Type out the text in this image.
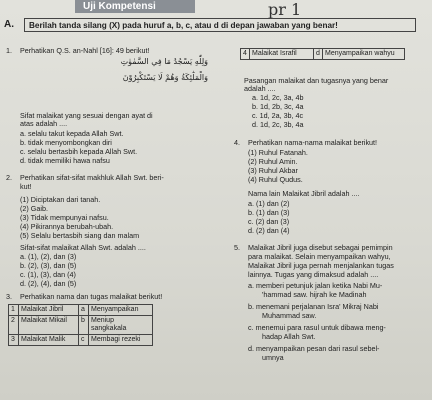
Uji Kompetensi	pr 1
A.	Berilah tanda silang (X) pada huruf a, b, c, atau d di depan jawaban yang benar!
1. Perhatikan Q.S. an-Nahl [16]: 49 berikut!
وَلِلّٰهِ يَسْجُدُ مَا فِي السَّمٰوٰتِ
وَالْمَلٰٓئِكَةُ وَهُمْ لَا يَسْتَكْبِرُوْنَ
Sifat malaikat yang sesuai dengan ayat di
atas adalah ....
a. selalu takut kepada Allah Swt.
b. tidak menyombongkan diri
c. selalu bertasbih kepada Allah Swt.
d. tidak memiliki hawa nafsu
2. Perhatikan sifat-sifat makhluk Allah Swt. beri-
kut!
(1) Diciptakan dari tanah.
(2) Gaib.
(3) Tidak mempunyai nafsu.
(4) Pikirannya berubah-ubah.
(5) Selalu bertasbih siang dan malam
Sifat-sifat malaikat Allah Swt. adalah ....
a. (1), (2), dan (3)
b. (2), (3), dan (5)
c. (1), (3), dan (4)
d. (2), (4), dan (5)
3. Perhatikan nama dan tugas malaikat berikut!
1	Malaikat Jibril	a	Menyampaikan
2	Malaikat Mikail	b	Meniup sangkakala
3	Malaikat Malik	c	Membagi rezeki
4	Malaikat Israfil	d	Menyampaikan wahyu
Pasangan malaikat dan tugasnya yang benar
adalah ....
a. 1d, 2c, 3a, 4b
b. 1d, 2b, 3c, 4a
c. 1d, 2a, 3b, 4c
d. 1d, 2c, 3b, 4a
4. Perhatikan nama-nama malaikat berikut!
(1) Ruhul Fatanah.
(2) Ruhul Amin.
(3) Ruhul Akbar
(4) Ruhul Qudus.
Nama lain Malaikat Jibril adalah ....
a. (1) dan (2)
b. (1) dan (3)
c. (2) dan (3)
d. (2) dan (4)
5. Malaikat Jibril juga disebut sebagai pemimpin
para malaikat. Selain menyampaikan wahyu,
Malaikat Jibril juga pernah menjalankan tugas
lainnya. Tugas yang dimaksud adalah ....
a. memberi petunjuk jalan ketika Nabi Mu-
'hammad saw. hijrah ke Madinah
b. menemani perjalanan Isra' Mikraj Nabi
Muhammad saw.
c. menemui para rasul untuk dibawa meng-
hadap Allah Swt.
d. menyampaikan pesan dari rasul sebel-
umnya
